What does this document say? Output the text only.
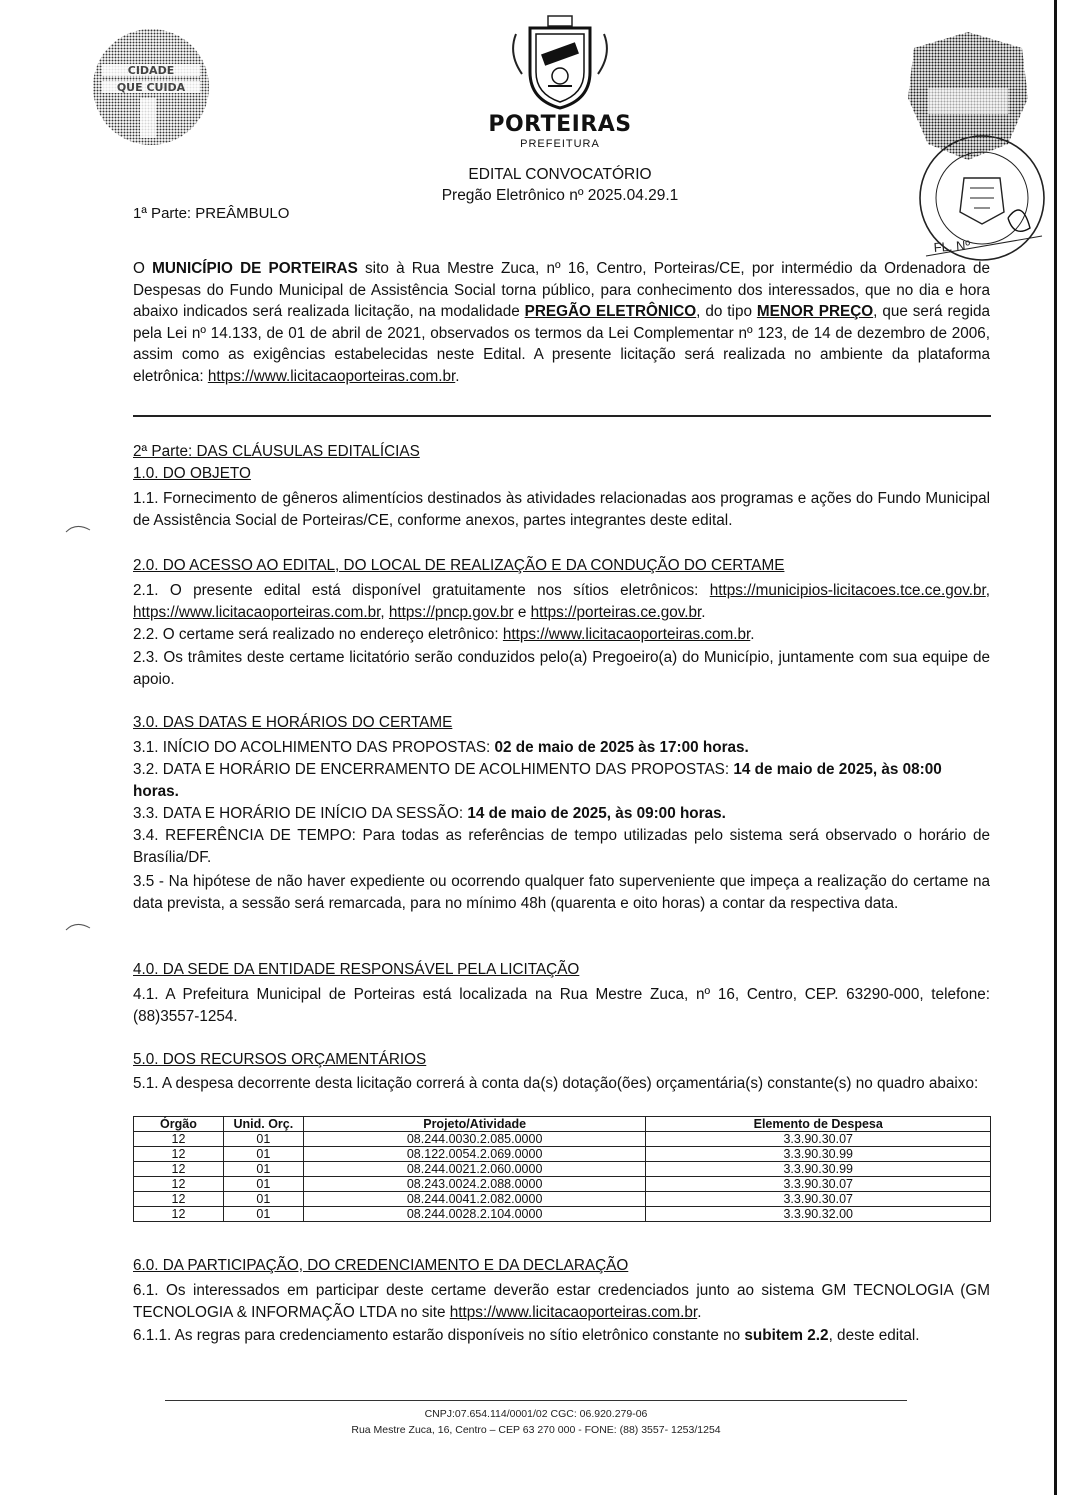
CIDADE
QUE CUIDA
PORTEIRAS
PREFEITURA
EDITAL CONVOCATÓRIO
Pregão Eletrônico nº 2025.04.29.1
FL. Nº
1ª Parte: PREÂMBULO
O MUNICÍPIO DE PORTEIRAS sito à Rua Mestre Zuca, nº 16, Centro, Porteiras/CE, por intermédio da Ordenadora de Despesas do Fundo Municipal de Assistência Social torna público, para conhecimento dos interessados, que no dia e hora abaixo indicados será realizada licitação, na modalidade PREGÃO ELETRÔNICO, do tipo MENOR PREÇO, que será regida pela Lei nº 14.133, de 01 de abril de 2021, observados os termos da Lei Complementar nº 123, de 14 de dezembro de 2006, assim como as exigências estabelecidas neste Edital. A presente licitação será realizada no ambiente da plataforma eletrônica: https://www.licitacaoporteiras.com.br.
2ª Parte: DAS CLÁUSULAS EDITALÍCIAS
1.0. DO OBJETO
1.1. Fornecimento de gêneros alimentícios destinados às atividades relacionadas aos programas e ações do Fundo Municipal de Assistência Social de Porteiras/CE, conforme anexos, partes integrantes deste edital.
2.0. DO ACESSO AO EDITAL, DO LOCAL DE REALIZAÇÃO E DA CONDUÇÃO DO CERTAME
2.1. O presente edital está disponível gratuitamente nos sítios eletrônicos: https://municipios-licitacoes.tce.ce.gov.br, https://www.licitacaoporteiras.com.br, https://pncp.gov.br e https://porteiras.ce.gov.br.
2.2. O certame será realizado no endereço eletrônico: https://www.licitacaoporteiras.com.br.
2.3. Os trâmites deste certame licitatório serão conduzidos pelo(a) Pregoeiro(a) do Município, juntamente com sua equipe de apoio.
3.0. DAS DATAS E HORÁRIOS DO CERTAME
3.1. INÍCIO DO ACOLHIMENTO DAS PROPOSTAS: 02 de maio de 2025 às 17:00 horas.
3.2. DATA E HORÁRIO DE ENCERRAMENTO DE ACOLHIMENTO DAS PROPOSTAS: 14 de maio de 2025, às 08:00 horas.
3.3. DATA E HORÁRIO DE INÍCIO DA SESSÃO: 14 de maio de 2025, às 09:00 horas.
3.4. REFERÊNCIA DE TEMPO: Para todas as referências de tempo utilizadas pelo sistema será observado o horário de Brasília/DF.
3.5 - Na hipótese de não haver expediente ou ocorrendo qualquer fato superveniente que impeça a realização do certame na data prevista, a sessão será remarcada, para no mínimo 48h (quarenta e oito horas) a contar da respectiva data.
4.0. DA SEDE DA ENTIDADE RESPONSÁVEL PELA LICITAÇÃO
4.1. A Prefeitura Municipal de Porteiras está localizada na Rua Mestre Zuca, nº 16, Centro, CEP. 63290-000, telefone: (88)3557-1254.
5.0. DOS RECURSOS ORÇAMENTÁRIOS
5.1. A despesa decorrente desta licitação correrá à conta da(s) dotação(ões) orçamentária(s) constante(s) no quadro abaixo:
Órgão	Unid. Orç.	Projeto/Atividade	Elemento de Despesa
12	01	08.244.0030.2.085.0000	3.3.90.30.07
12	01	08.122.0054.2.069.0000	3.3.90.30.99
12	01	08.244.0021.2.060.0000	3.3.90.30.99
12	01	08.243.0024.2.088.0000	3.3.90.30.07
12	01	08.244.0041.2.082.0000	3.3.90.30.07
12	01	08.244.0028.2.104.0000	3.3.90.32.00
6.0. DA PARTICIPAÇÃO, DO CREDENCIAMENTO E DA DECLARAÇÃO
6.1. Os interessados em participar deste certame deverão estar credenciados junto ao sistema GM TECNOLOGIA (GM TECNOLOGIA & INFORMAÇÃO LTDA no site https://www.licitacaoporteiras.com.br.
6.1.1. As regras para credenciamento estarão disponíveis no sítio eletrônico constante no subitem 2.2, deste edital.
CNPJ:07.654.114/0001/02 CGC: 06.920.279-06
Rua Mestre Zuca, 16, Centro – CEP 63 270 000 - FONE: (88) 3557- 1253/1254
